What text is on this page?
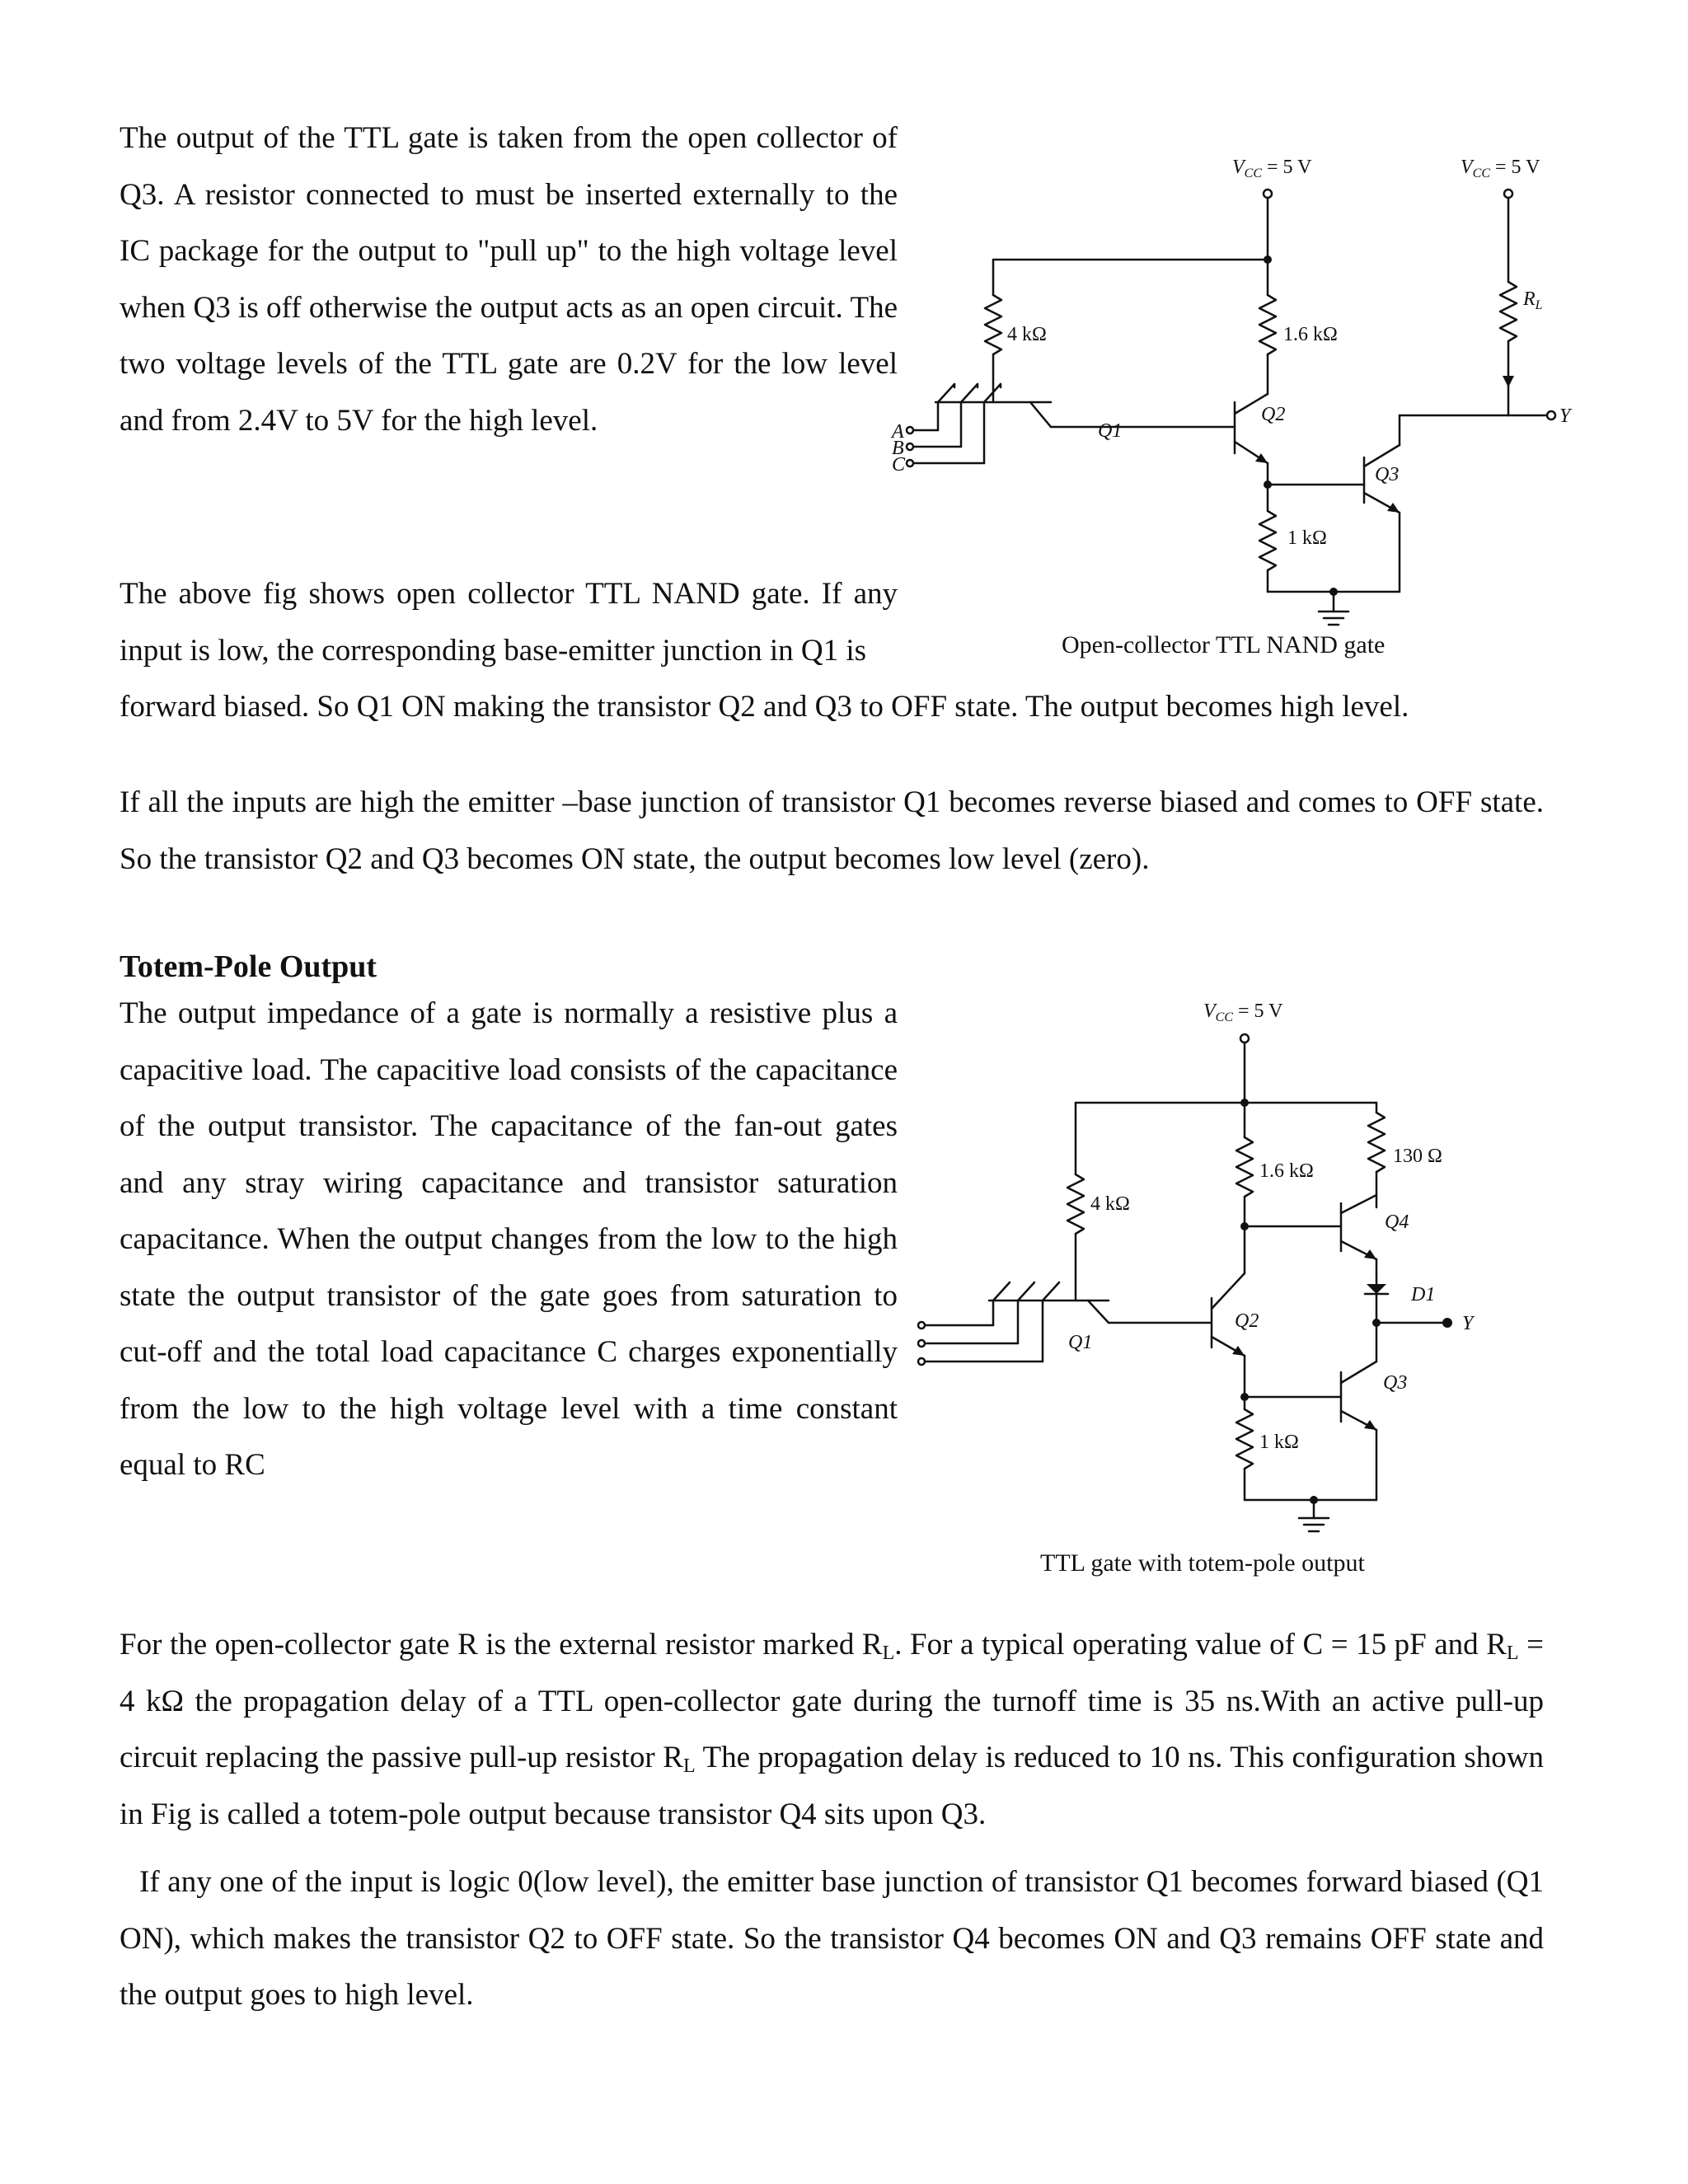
The output of the TTL gate is taken from the open collector of Q3. A resistor connected to must be inserted externally to the IC package for the output to "pull up" to the high voltage level when Q3 is off otherwise the output acts as an open circuit. The two voltage levels of the TTL gate are 0.2V for the low level and from 2.4V to 5V for the high level.

$V_{CC} = 5$ V	$V_{CC} = 5$ V
4 kΩ	1.6 kΩ
1 kΩ
$R_L$
Q1
Q2
Q3
A
B
C
Y
Open-collector TTL NAND gate

The above fig shows open collector TTL NAND gate. If any input is low, the corresponding base-emitter junction in Q1 is

forward biased. So Q1 ON making the transistor Q2 and Q3 to OFF state. The output becomes high level.

If all the inputs are high the emitter –base junction of transistor Q1 becomes reverse biased and comes to OFF state. So the transistor Q2 and Q3 becomes ON state, the output becomes low level (zero).

Totem-Pole Output

The output impedance of a gate is normally a resistive plus a capacitive load. The capacitive load consists of the capacitance of the output transistor. The capacitance of the fan-out gates and any stray wiring capacitance and transistor saturation capacitance. When the output changes from the low to the high state the output transistor of the gate goes from saturation to cut-off and the total load capacitance C charges exponentially from the low to the high voltage level with a time constant equal to RC

$V_{CC} = 5$ V
4 kΩ
1.6 kΩ
130 Ω
1 kΩ
Q1
Q2
Q3
Q4
D1
Y
TTL gate with totem-pole output

For the open-collector gate R is the external resistor marked $R_L$. For a typical operating value of C = 15 pF and $R_L = 4$ kΩ the propagation delay of a TTL open-collector gate during the turnoff time is 35 ns.With an active pull-up circuit replacing the passive pull-up resistor $R_L$ The propagation delay is reduced to 10 ns. This configuration shown in Fig is called a totem-pole output because transistor Q4 sits upon Q3.

If any one of the input is logic 0(low level), the emitter base junction of transistor Q1 becomes forward biased (Q1 ON), which makes the transistor Q2 to OFF state. So the transistor Q4 becomes ON and Q3 remains OFF state and the output goes to high level.
